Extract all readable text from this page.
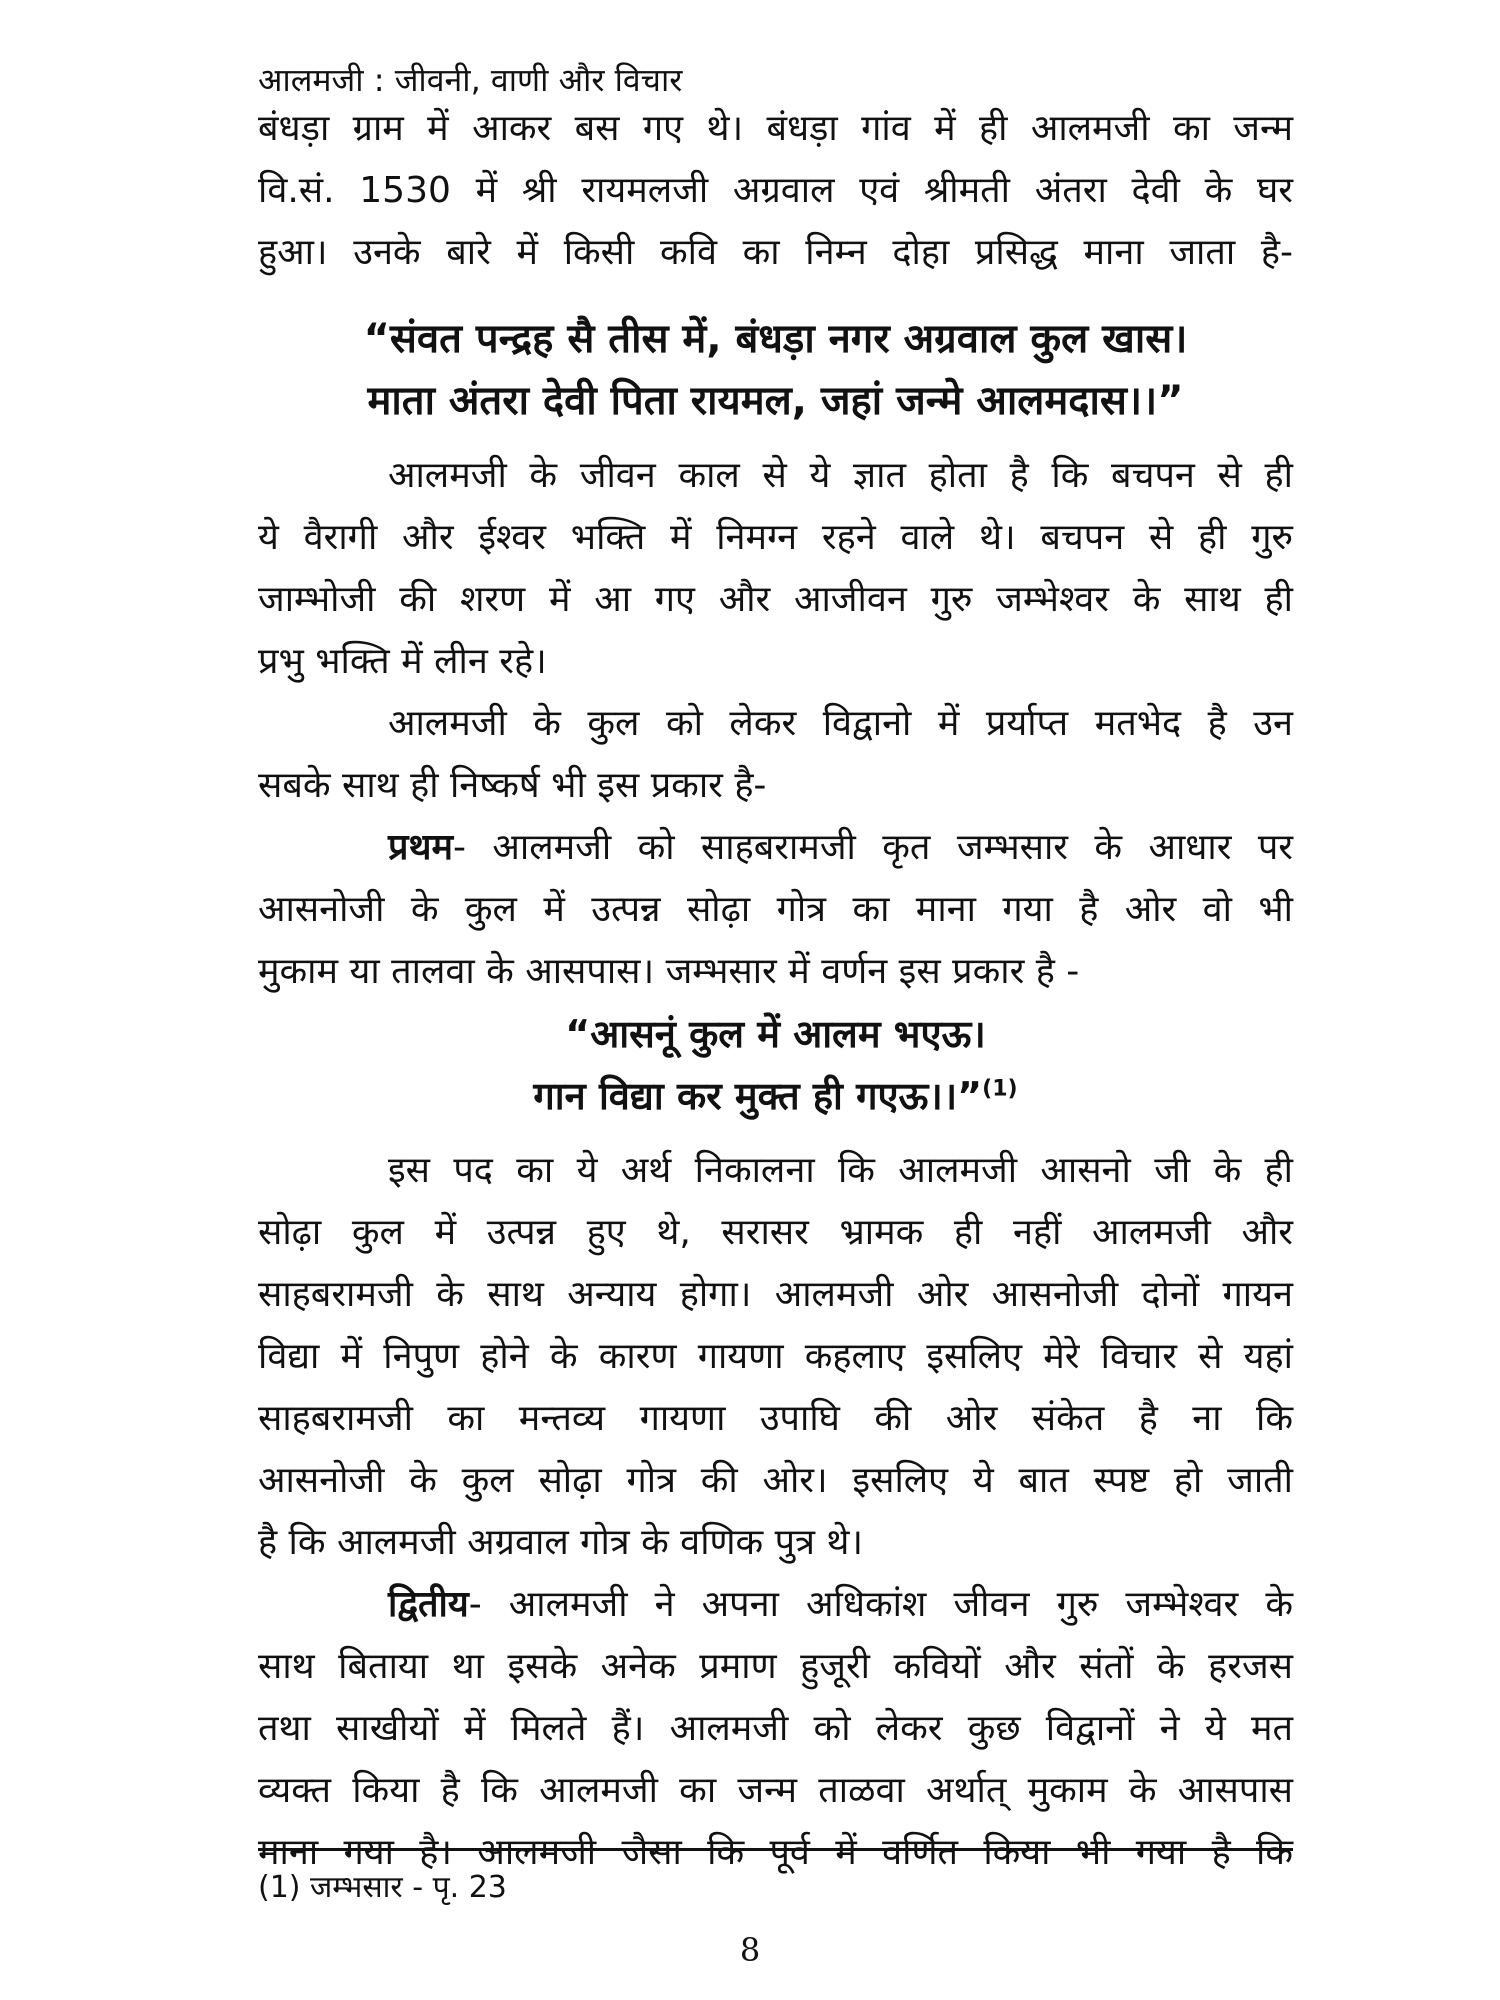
आलमजी : जीवनी, वाणी और विचार
बंधड़ा ग्राम में आकर बस गए थे। बंधड़ा गांव में ही आलमजी का जन्म
वि.सं. 1530 में श्री रायमलजी अग्रवाल एवं श्रीमती अंतरा देवी के घर
हुआ। उनके बारे में किसी कवि का निम्न दोहा प्रसिद्ध माना जाता है-
“संवत पन्द्रह सै तीस में, बंधड़ा नगर अग्रवाल कुल खास।
माता अंतरा देवी पिता रायमल, जहां जन्मे आलमदास।।”
आलमजी के जीवन काल से ये ज्ञात होता है कि बचपन से ही
ये वैरागी और ईश्वर भक्ति में निमग्न रहने वाले थे। बचपन से ही गुरु
जाम्भोजी की शरण में आ गए और आजीवन गुरु जम्भेश्वर के साथ ही
प्रभु भक्ति में लीन रहे।
आलमजी के कुल को लेकर विद्वानो में प्रर्याप्त मतभेद है उन
सबके साथ ही निष्कर्ष भी इस प्रकार है-
प्रथम- आलमजी को साहबरामजी कृत जम्भसार के आधार पर
आसनोजी के कुल में उत्पन्न सोढ़ा गोत्र का माना गया है ओर वो भी
मुकाम या तालवा के आसपास। जम्भसार में वर्णन इस प्रकार है -
“आसनूं कुल में आलम भएऊ।
गान विद्या कर मुक्त ही गएऊ।।”$^{(1)}$
इस पद का ये अर्थ निकालना कि आलमजी आसनो जी के ही
सोढ़ा कुल में उत्पन्न हुए थे, सरासर भ्रामक ही नहीं आलमजी और
साहबरामजी के साथ अन्याय होगा। आलमजी ओर आसनोजी दोनों गायन
विद्या में निपुण होने के कारण गायणा कहलाए इसलिए मेरे विचार से यहां
साहबरामजी का मन्तव्य गायणा उपाघि की ओर संकेत है ना कि
आसनोजी के कुल सोढ़ा गोत्र की ओर। इसलिए ये बात स्पष्ट हो जाती
है कि आलमजी अग्रवाल गोत्र के वणिक पुत्र थे।
द्वितीय- आलमजी ने अपना अधिकांश जीवन गुरु जम्भेश्वर के
साथ बिताया था इसके अनेक प्रमाण हुजूरी कवियों और संतों के हरजस
तथा साखीयों में मिलते हैं। आलमजी को लेकर कुछ विद्वानों ने ये मत
व्यक्त किया है कि आलमजी का जन्म ताळवा अर्थात् मुकाम के आसपास
माना गया है। आलमजी जैसा कि पूर्व में वर्णित किया भी गया है कि
(1) जम्भसार - पृ. 23
8
